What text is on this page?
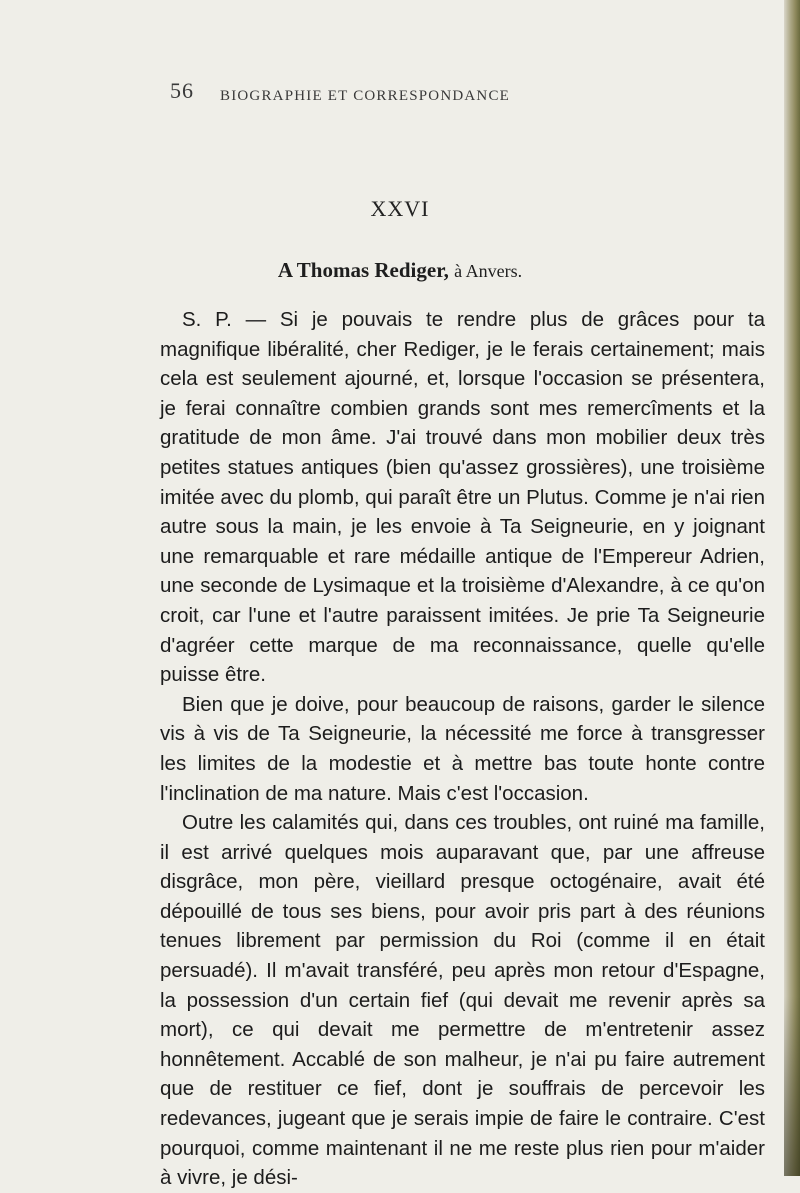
56 BIOGRAPHIE ET CORRESPONDANCE
XXVI
A Thomas Rediger, à Anvers.

S. P. — Si je pouvais te rendre plus de grâces pour ta magnifique libéralité, cher Rediger, je le ferais certainement; mais cela est seulement ajourné, et, lorsque l'occasion se présentera, je ferai connaître combien grands sont mes remercîments et la gratitude de mon âme. J'ai trouvé dans mon mobilier deux très petites statues antiques (bien qu'assez grossières), une troisième imitée avec du plomb, qui paraît être un Plutus. Comme je n'ai rien autre sous la main, je les envoie à Ta Seigneurie, en y joignant une remarquable et rare médaille antique de l'Empereur Adrien, une seconde de Lysimaque et la troisième d'Alexandre, à ce qu'on croit, car l'une et l'autre paraissent imitées. Je prie Ta Seigneurie d'agréer cette marque de ma reconnaissance, quelle qu'elle puisse être.

Bien que je doive, pour beaucoup de raisons, garder le silence vis à vis de Ta Seigneurie, la nécessité me force à transgresser les limites de la modestie et à mettre bas toute honte contre l'inclination de ma nature. Mais c'est l'occasion.

Outre les calamités qui, dans ces troubles, ont ruiné ma famille, il est arrivé quelques mois auparavant que, par une affreuse disgrâce, mon père, vieillard presque octogénaire, avait été dépouillé de tous ses biens, pour avoir pris part à des réunions tenues librement par permission du Roi (comme il en était persuadé). Il m'avait transféré, peu après mon retour d'Espagne, la possession d'un certain fief (qui devait me revenir après sa mort), ce qui devait me permettre de m'entretenir assez honnêtement. Accablé de son malheur, je n'ai pu faire autrement que de restituer ce fief, dont je souffrais de percevoir les redevances, jugeant que je serais impie de faire le contraire. C'est pourquoi, comme maintenant il ne me reste plus rien pour m'aider à vivre, je dési-
